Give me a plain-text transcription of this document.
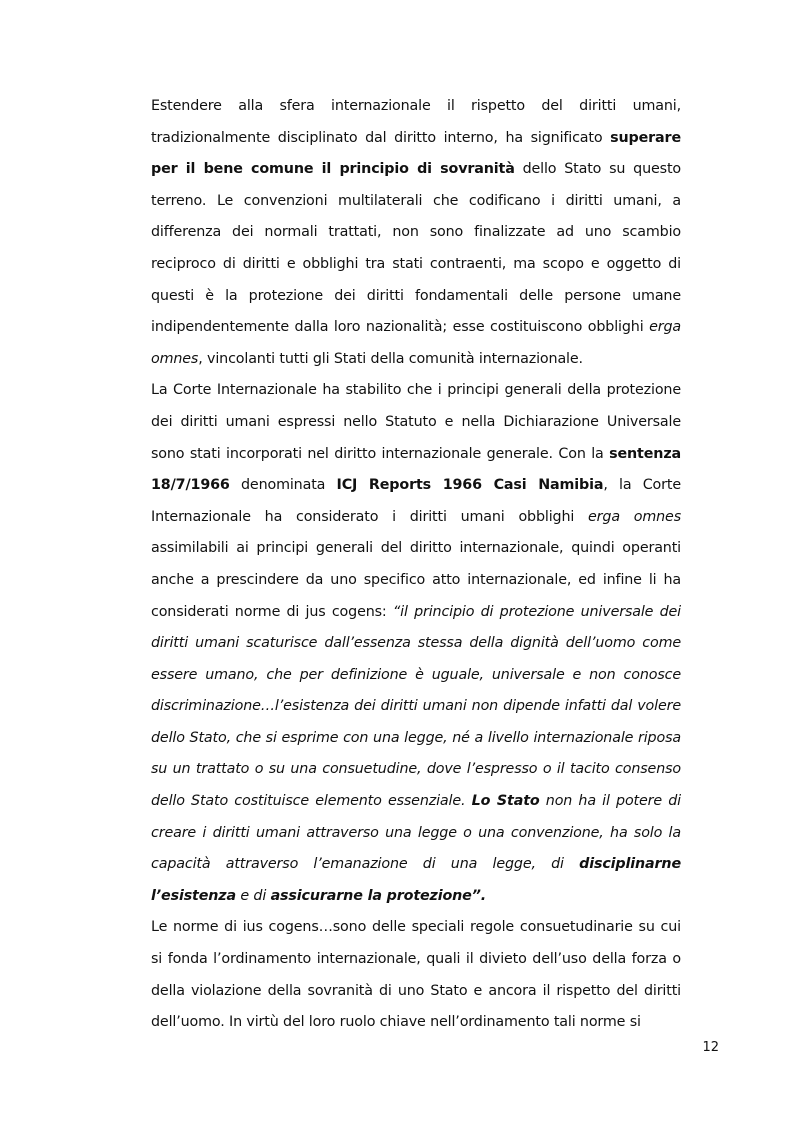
Estendere alla sfera internazionale il rispetto del diritti umani, tradizionalmente disciplinato dal diritto interno, ha significato superare per il bene comune il principio di sovranità dello Stato su questo terreno. Le convenzioni multilaterali che codificano i diritti umani, a differenza dei normali trattati, non sono finalizzate ad uno scambio reciproco di diritti e obblighi tra stati contraenti, ma scopo e oggetto di questi è la protezione dei diritti fondamentali delle persone umane indipendentemente dalla loro nazionalità; esse costituiscono obblighi erga omnes, vincolanti tutti gli Stati della comunità internazionale.

La Corte Internazionale ha stabilito che i principi generali della protezione dei diritti umani espressi nello Statuto e nella Dichiarazione Universale sono stati incorporati nel diritto internazionale generale. Con la sentenza 18/7/1966 denominata ICJ Reports 1966 Casi Namibia, la Corte Internazionale ha considerato i diritti umani obblighi erga omnes assimilabili ai principi generali del diritto internazionale, quindi operanti anche a prescindere da uno specifico atto internazionale, ed infine li ha considerati norme di jus cogens: “il principio di protezione universale dei diritti umani scaturisce dall’essenza stessa della dignità dell’uomo come essere umano, che per definizione è uguale, universale e non conosce discriminazione…l’esistenza dei diritti umani non dipende infatti dal volere dello Stato, che si esprime con una legge, né a livello internazionale riposa su un trattato o su una consuetudine, dove l’espresso o il tacito consenso dello Stato costituisce elemento essenziale. Lo Stato non ha il potere di creare i diritti umani attraverso una legge o una convenzione, ha solo la capacità attraverso l’emanazione di una legge, di disciplinarne l’esistenza e di assicurarne la protezione”.

Le norme di ius cogens…sono delle speciali regole consuetudinarie su cui si fonda l’ordinamento internazionale, quali il divieto dell’uso della forza o della violazione della sovranità di uno Stato e ancora il rispetto del diritti dell’uomo. In virtù del loro ruolo chiave nell’ordinamento tali norme si

12
